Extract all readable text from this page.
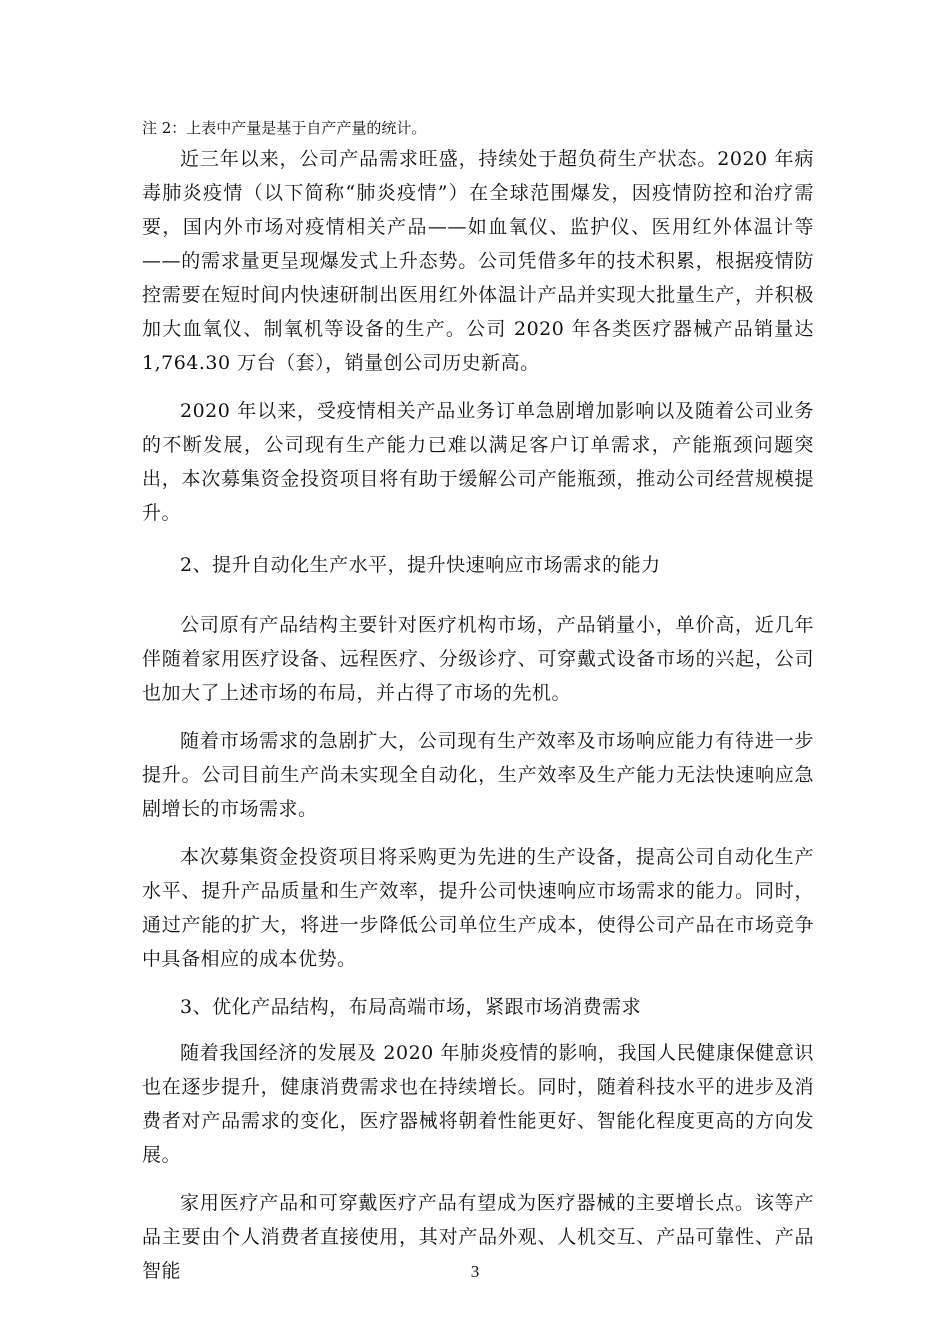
注 2：上表中产量是基于自产产量的统计。

近三年以来，公司产品需求旺盛，持续处于超负荷生产状态。2020 年病毒肺炎疫情（以下简称“肺炎疫情”）在全球范围爆发，因疫情防控和治疗需要，国内外市场对疫情相关产品——如血氧仪、监护仪、医用红外体温计等——的需求量更呈现爆发式上升态势。公司凭借多年的技术积累，根据疫情防控需要在短时间内快速研制出医用红外体温计产品并实现大批量生产，并积极加大血氧仪、制氧机等设备的生产。公司 2020 年各类医疗器械产品销量达 1,764.30 万台（套），销量创公司历史新高。

2020 年以来，受疫情相关产品业务订单急剧增加影响以及随着公司业务的不断发展，公司现有生产能力已难以满足客户订单需求，产能瓶颈问题突出，本次募集资金投资项目将有助于缓解公司产能瓶颈，推动公司经营规模提升。

2、提升自动化生产水平，提升快速响应市场需求的能力

公司原有产品结构主要针对医疗机构市场，产品销量小，单价高，近几年伴随着家用医疗设备、远程医疗、分级诊疗、可穿戴式设备市场的兴起，公司也加大了上述市场的布局，并占得了市场的先机。

随着市场需求的急剧扩大，公司现有生产效率及市场响应能力有待进一步提升。公司目前生产尚未实现全自动化，生产效率及生产能力无法快速响应急剧增长的市场需求。

本次募集资金投资项目将采购更为先进的生产设备，提高公司自动化生产水平、提升产品质量和生产效率，提升公司快速响应市场需求的能力。同时，通过产能的扩大，将进一步降低公司单位生产成本，使得公司产品在市场竞争中具备相应的成本优势。

3、优化产品结构，布局高端市场，紧跟市场消费需求

随着我国经济的发展及 2020 年肺炎疫情的影响，我国人民健康保健意识也在逐步提升，健康消费需求也在持续增长。同时，随着科技水平的进步及消费者对产品需求的变化，医疗器械将朝着性能更好、智能化程度更高的方向发展。

家用医疗产品和可穿戴医疗产品有望成为医疗器械的主要增长点。该等产品主要由个人消费者直接使用，其对产品外观、人机交互、产品可靠性、产品智能	3
